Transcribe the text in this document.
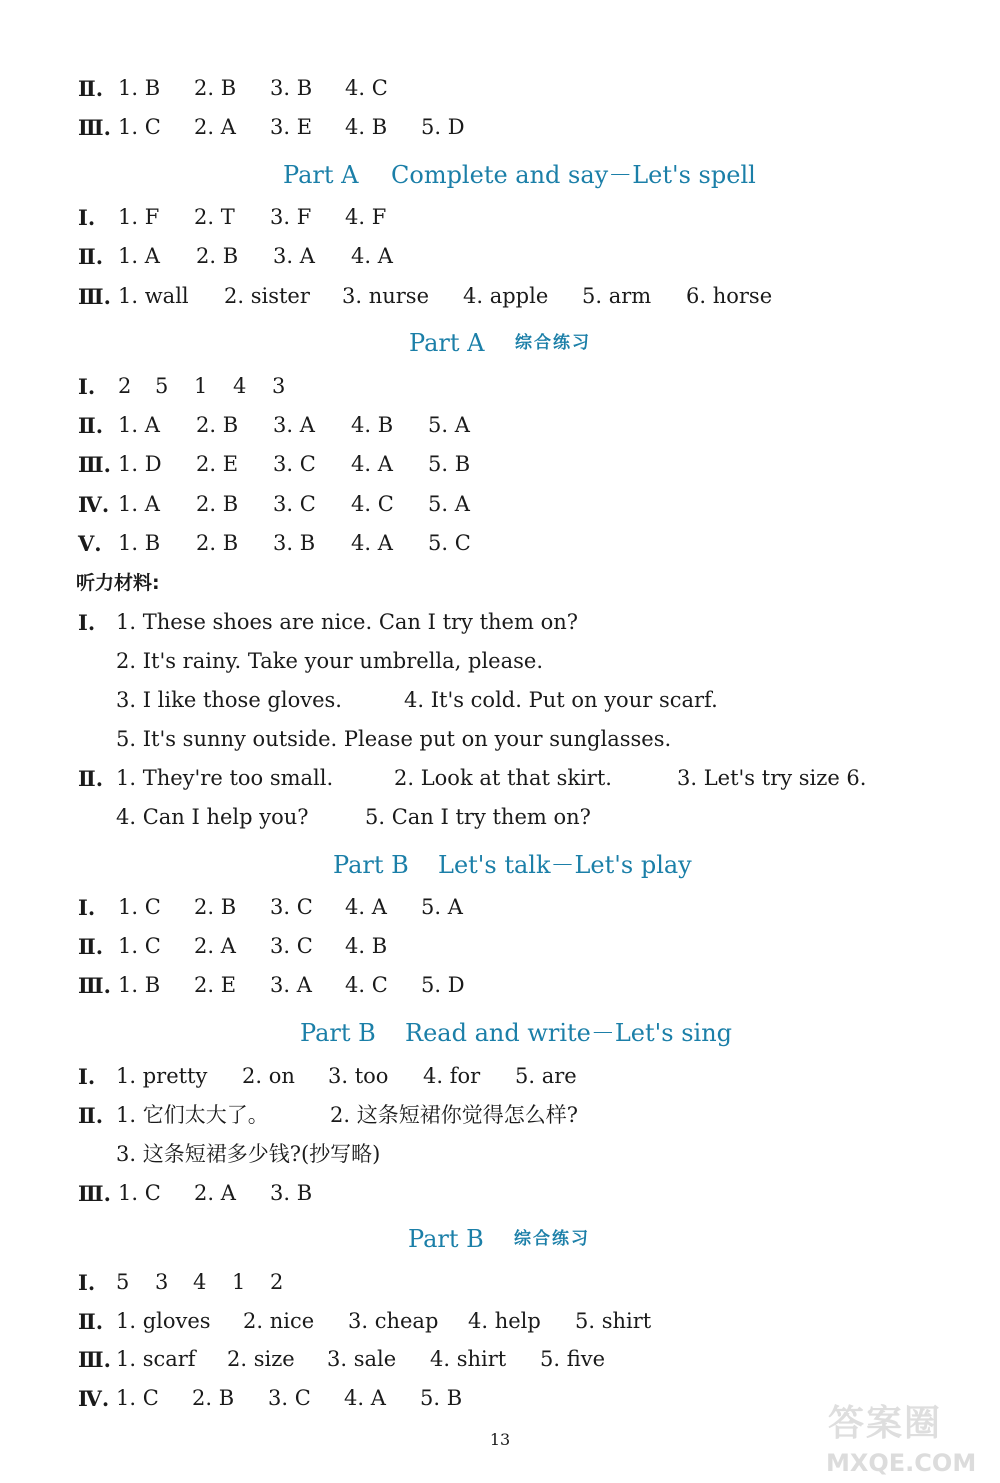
Ⅱ. 1. B 2. B 3. B 4. C
Ⅲ. 1. C 2. A 3. E 4. B 5. D
Part A Complete and say－Let's spell
Ⅰ. 1. F 2. T 3. F 4. F
Ⅱ. 1. A 2. B 3. A 4. A
Ⅲ. 1. wall 2. sister 3. nurse 4. apple 5. arm 6. horse
Part A 综合练习
Ⅰ. 2 5 1 4 3
Ⅱ. 1. A 2. B 3. A 4. B 5. A
Ⅲ. 1. D 2. E 3. C 4. A 5. B
Ⅳ. 1. A 2. B 3. C 4. C 5. A
Ⅴ. 1. B 2. B 3. B 4. A 5. C
听力材料:
Ⅰ. 1. These shoes are nice. Can I try them on?
2. It's rainy. Take your umbrella, please.
3. I like those gloves.	4. It's cold. Put on your scarf.
5. It's sunny outside. Please put on your sunglasses.
Ⅱ. 1. They're too small.	2. Look at that skirt.	3. Let's try size 6.
4. Can I help you?	5. Can I try them on?
Part B Let's talk－Let's play
Ⅰ. 1. C 2. B 3. C 4. A 5. A
Ⅱ. 1. C 2. A 3. C 4. B
Ⅲ. 1. B 2. E 3. A 4. C 5. D
Part B Read and write－Let's sing
Ⅰ. 1. pretty 2. on 3. too 4. for 5. are
Ⅱ. 1. 它们太大了。	2. 这条短裙你觉得怎么样?
3. 这条短裙多少钱?(抄写略)
Ⅲ. 1. C 2. A 3. B
Part B 综合练习
Ⅰ. 5 3 4 1 2
Ⅱ. 1. gloves 2. nice 3. cheap 4. help 5. shirt
Ⅲ. 1. scarf 2. size 3. sale 4. shirt 5. five
Ⅳ. 1. C 2. B 3. C 4. A 5. B
13	答案圈
MXQE.COM
